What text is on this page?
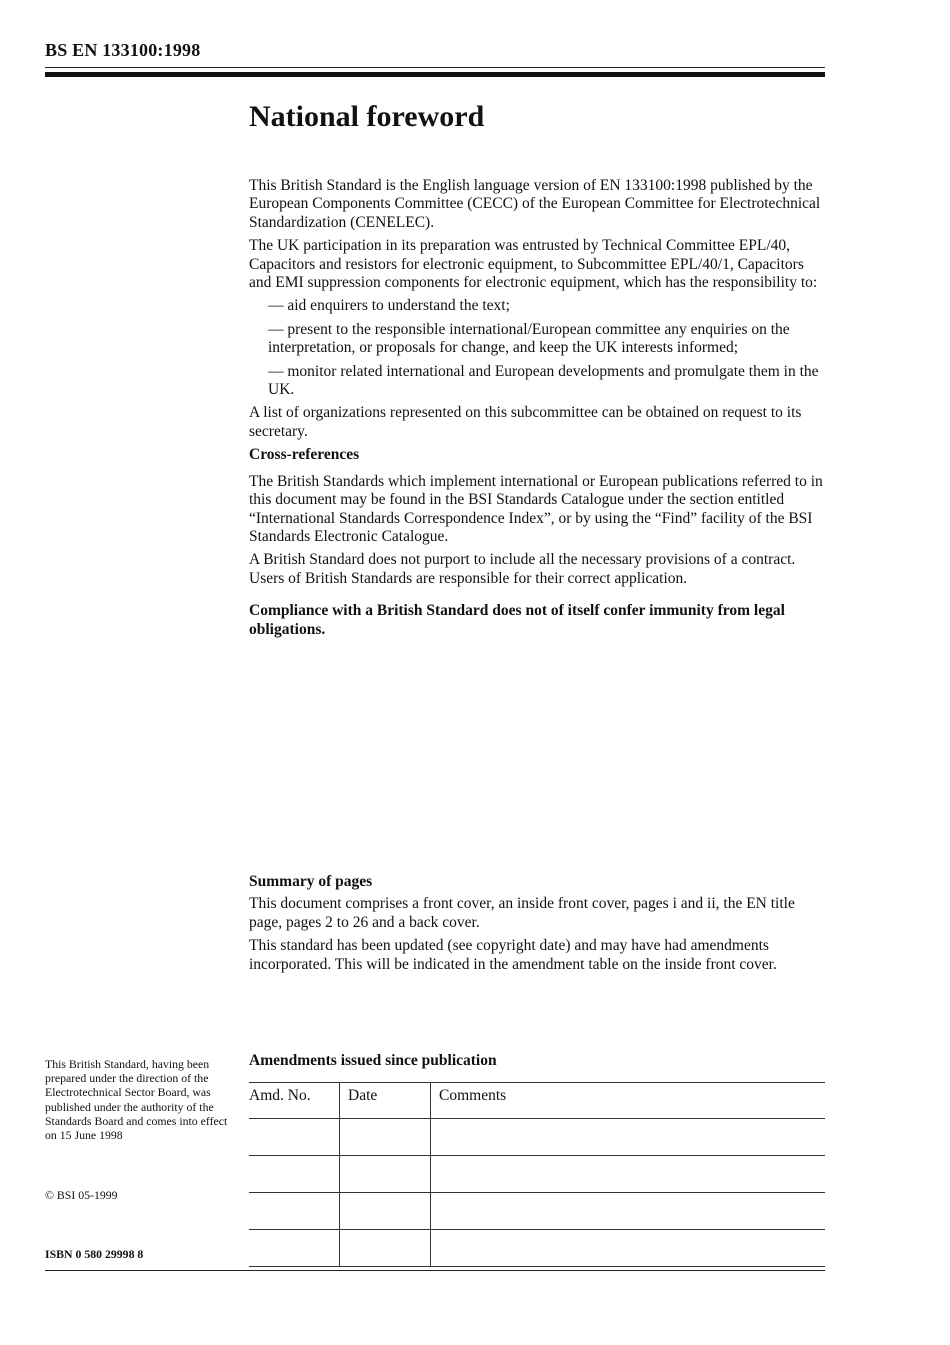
BS EN 133100:1998
National foreword

This British Standard is the English language version of EN 133100:1998 published by the European Components Committee (CECC) of the European Committee for Electrotechnical Standardization (CENELEC).

The UK participation in its preparation was entrusted by Technical Committee EPL/40, Capacitors and resistors for electronic equipment, to Subcommittee EPL/40/1, Capacitors and EMI suppression components for electronic equipment, which has the responsibility to:

— aid enquirers to understand the text;

— present to the responsible international/European committee any enquiries on the interpretation, or proposals for change, and keep the UK interests informed;

— monitor related international and European developments and promulgate them in the UK.

A list of organizations represented on this subcommittee can be obtained on request to its secretary.

Cross-references

The British Standards which implement international or European publications referred to in this document may be found in the BSI Standards Catalogue under the section entitled “International Standards Correspondence Index”, or by using the “Find” facility of the BSI Standards Electronic Catalogue.

A British Standard does not purport to include all the necessary provisions of a contract. Users of British Standards are responsible for their correct application.

Compliance with a British Standard does not of itself confer immunity from legal obligations.

Summary of pages

This document comprises a front cover, an inside front cover, pages i and ii, the EN title page, pages 2 to 26 and a back cover.

This standard has been updated (see copyright date) and may have had amendments incorporated. This will be indicated in the amendment table on the inside front cover.

This British Standard, having been prepared under the direction of the Electrotechnical Sector Board, was published under the authority of the Standards Board and comes into effect on 15 June 1998
© BSI 05-1999
ISBN 0 580 29998 8
Amendments issued since publication
Amd. No.	Date	Comments
